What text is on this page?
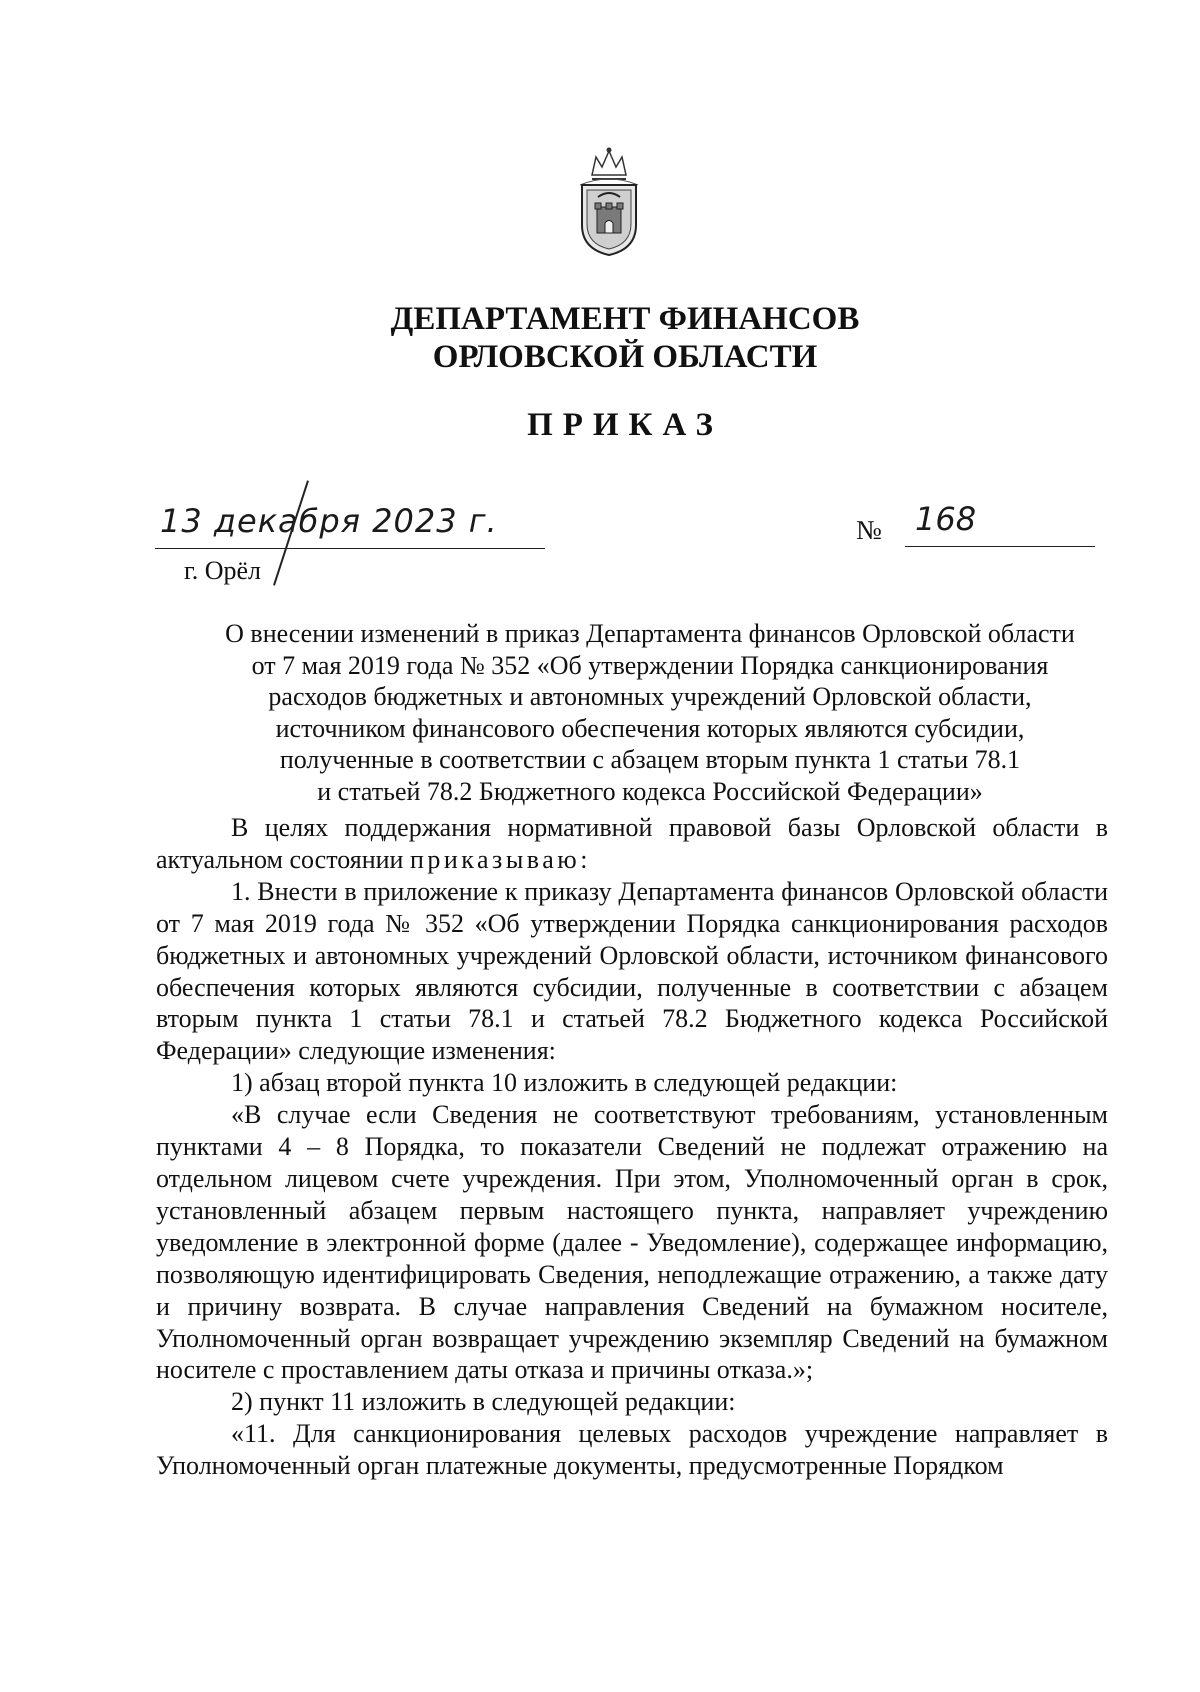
ДЕПАРТАМЕНТ ФИНАНСОВ
ОРЛОВСКОЙ ОБЛАСТИ
ПРИКАЗ
13 декабря 2023 г.	№ 168
г. Орёл
О внесении изменений в приказ Департамента финансов Орловской области
от 7 мая 2019 года № 352 «Об утверждении Порядка санкционирования
расходов бюджетных и автономных учреждений Орловской области,
источником финансового обеспечения которых являются субсидии,
полученные в соответствии с абзацем вторым пункта 1 статьи 78.1
и статьей 78.2 Бюджетного кодекса Российской Федерации»

В целях поддержания нормативной правовой базы Орловской области в актуальном состоянии приказываю:

1. Внести в приложение к приказу Департамента финансов Орловской области от 7 мая 2019 года № 352 «Об утверждении Порядка санкционирования расходов бюджетных и автономных учреждений Орловской области, источником финансового обеспечения которых являются субсидии, полученные в соответствии с абзацем вторым пункта 1 статьи 78.1 и статьей 78.2 Бюджетного кодекса Российской Федерации» следующие изменения:

1) абзац второй пункта 10 изложить в следующей редакции:

«В случае если Сведения не соответствуют требованиям, установленным пунктами 4 – 8 Порядка, то показатели Сведений не подлежат отражению на отдельном лицевом счете учреждения. При этом, Уполномоченный орган в срок, установленный абзацем первым настоящего пункта, направляет учреждению уведомление в электронной форме (далее - Уведомление), содержащее информацию, позволяющую идентифицировать Сведения, неподлежащие отражению, а также дату и причину возврата. В случае направления Сведений на бумажном носителе, Уполномоченный орган возвращает учреждению экземпляр Сведений на бумажном носителе с проставлением даты отказа и причины отказа.»;

2) пункт 11 изложить в следующей редакции:

«11. Для санкционирования целевых расходов учреждение направляет в Уполномоченный орган платежные документы, предусмотренные Порядком
